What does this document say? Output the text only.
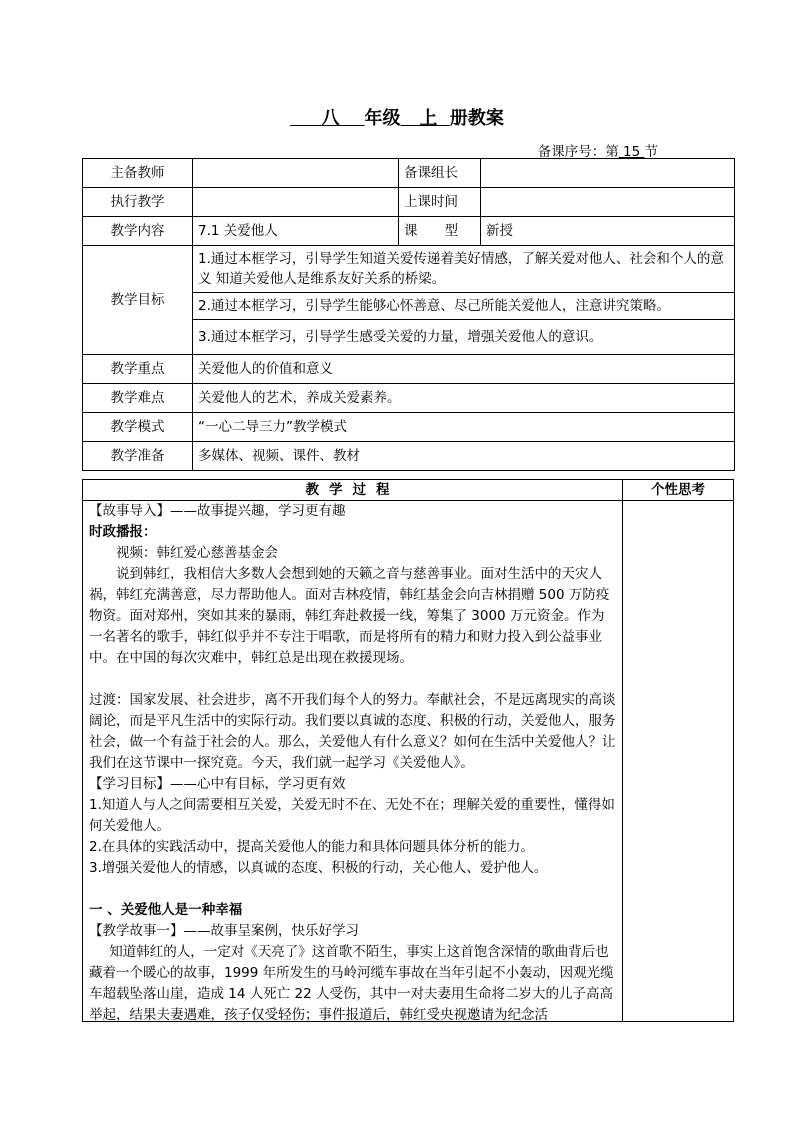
八 年级 上 册教案
备课序号：第 15 节
主备教师		备课组长	
执行教学		上课时间	
教学内容	7.1 关爱他人	课　　型	新授
教学目标	1.通过本框学习，引导学生知道关爱传递着美好情感，了解关爱对他人、社会和个人的意义 知道关爱他人是维系友好关系的桥梁。		
	2.通过本框学习，引导学生能够心怀善意、尽己所能关爱他人，注意讲究策略。		
	3.通过本框学习，引导学生感受关爱的力量，增强关爱他人的意识。		
教学重点	关爱他人的价值和意义		
教学难点	关爱他人的艺术，养成关爱素养。		
教学模式	“一心二导三力”教学模式		
教学准备	多媒体、视频、课件、教材		
教学过程	个性思考

【故事导入】——故事提兴趣，学习更有趣

时政播报：

视频：韩红爱心慈善基金会

说到韩红，我相信大多数人会想到她的天籁之音与慈善事业。面对生活中的天灾人祸，韩红充满善意，尽力帮助他人。面对吉林疫情，韩红基金会向吉林捐赠 500 万防疫物资。面对郑州，突如其来的暴雨，韩红奔赴救援一线，筹集了 3000 万元资金。作为一名著名的歌手，韩红似乎并不专注于唱歌，而是将所有的精力和财力投入到公益事业中。在中国的每次灾难中，韩红总是出现在救援现场。

过渡：国家发展、社会进步，离不开我们每个人的努力。奉献社会，不是远离现实的高谈阔论，而是平凡生活中的实际行动。我们要以真诚的态度、积极的行动，关爱他人，服务社会，做一个有益于社会的人。那么，关爱他人有什么意义？如何在生活中关爱他人？让我们在这节课中一探究竟。今天，我们就一起学习《关爱他人》。

【学习目标】——心中有目标，学习更有效

1.知道人与人之间需要相互关爱，关爱无时不在、无处不在；理解关爱的重要性，懂得如何关爱他人。

2.在具体的实践活动中，提高关爱他人的能力和具体问题具体分析的能力。

3.增强关爱他人的情感，以真诚的态度、积极的行动，关心他人、爱护他人。

一 、关爱他人是一种幸福

【教学故事一】——故事呈案例，快乐好学习

知道韩红的人，一定对《天亮了》这首歌不陌生，事实上这首饱含深情的歌曲背后也藏着一个暖心的故事，1999 年所发生的马岭河缆车事故在当年引起不小轰动，因观光缆车超载坠落山崖，造成 14 人死亡 22 人受伤，其中一对夫妻用生命将二岁大的儿子高高举起，结果夫妻遇难，孩子仅受轻伤；事件报道后，韩红受央视邀请为纪念活
